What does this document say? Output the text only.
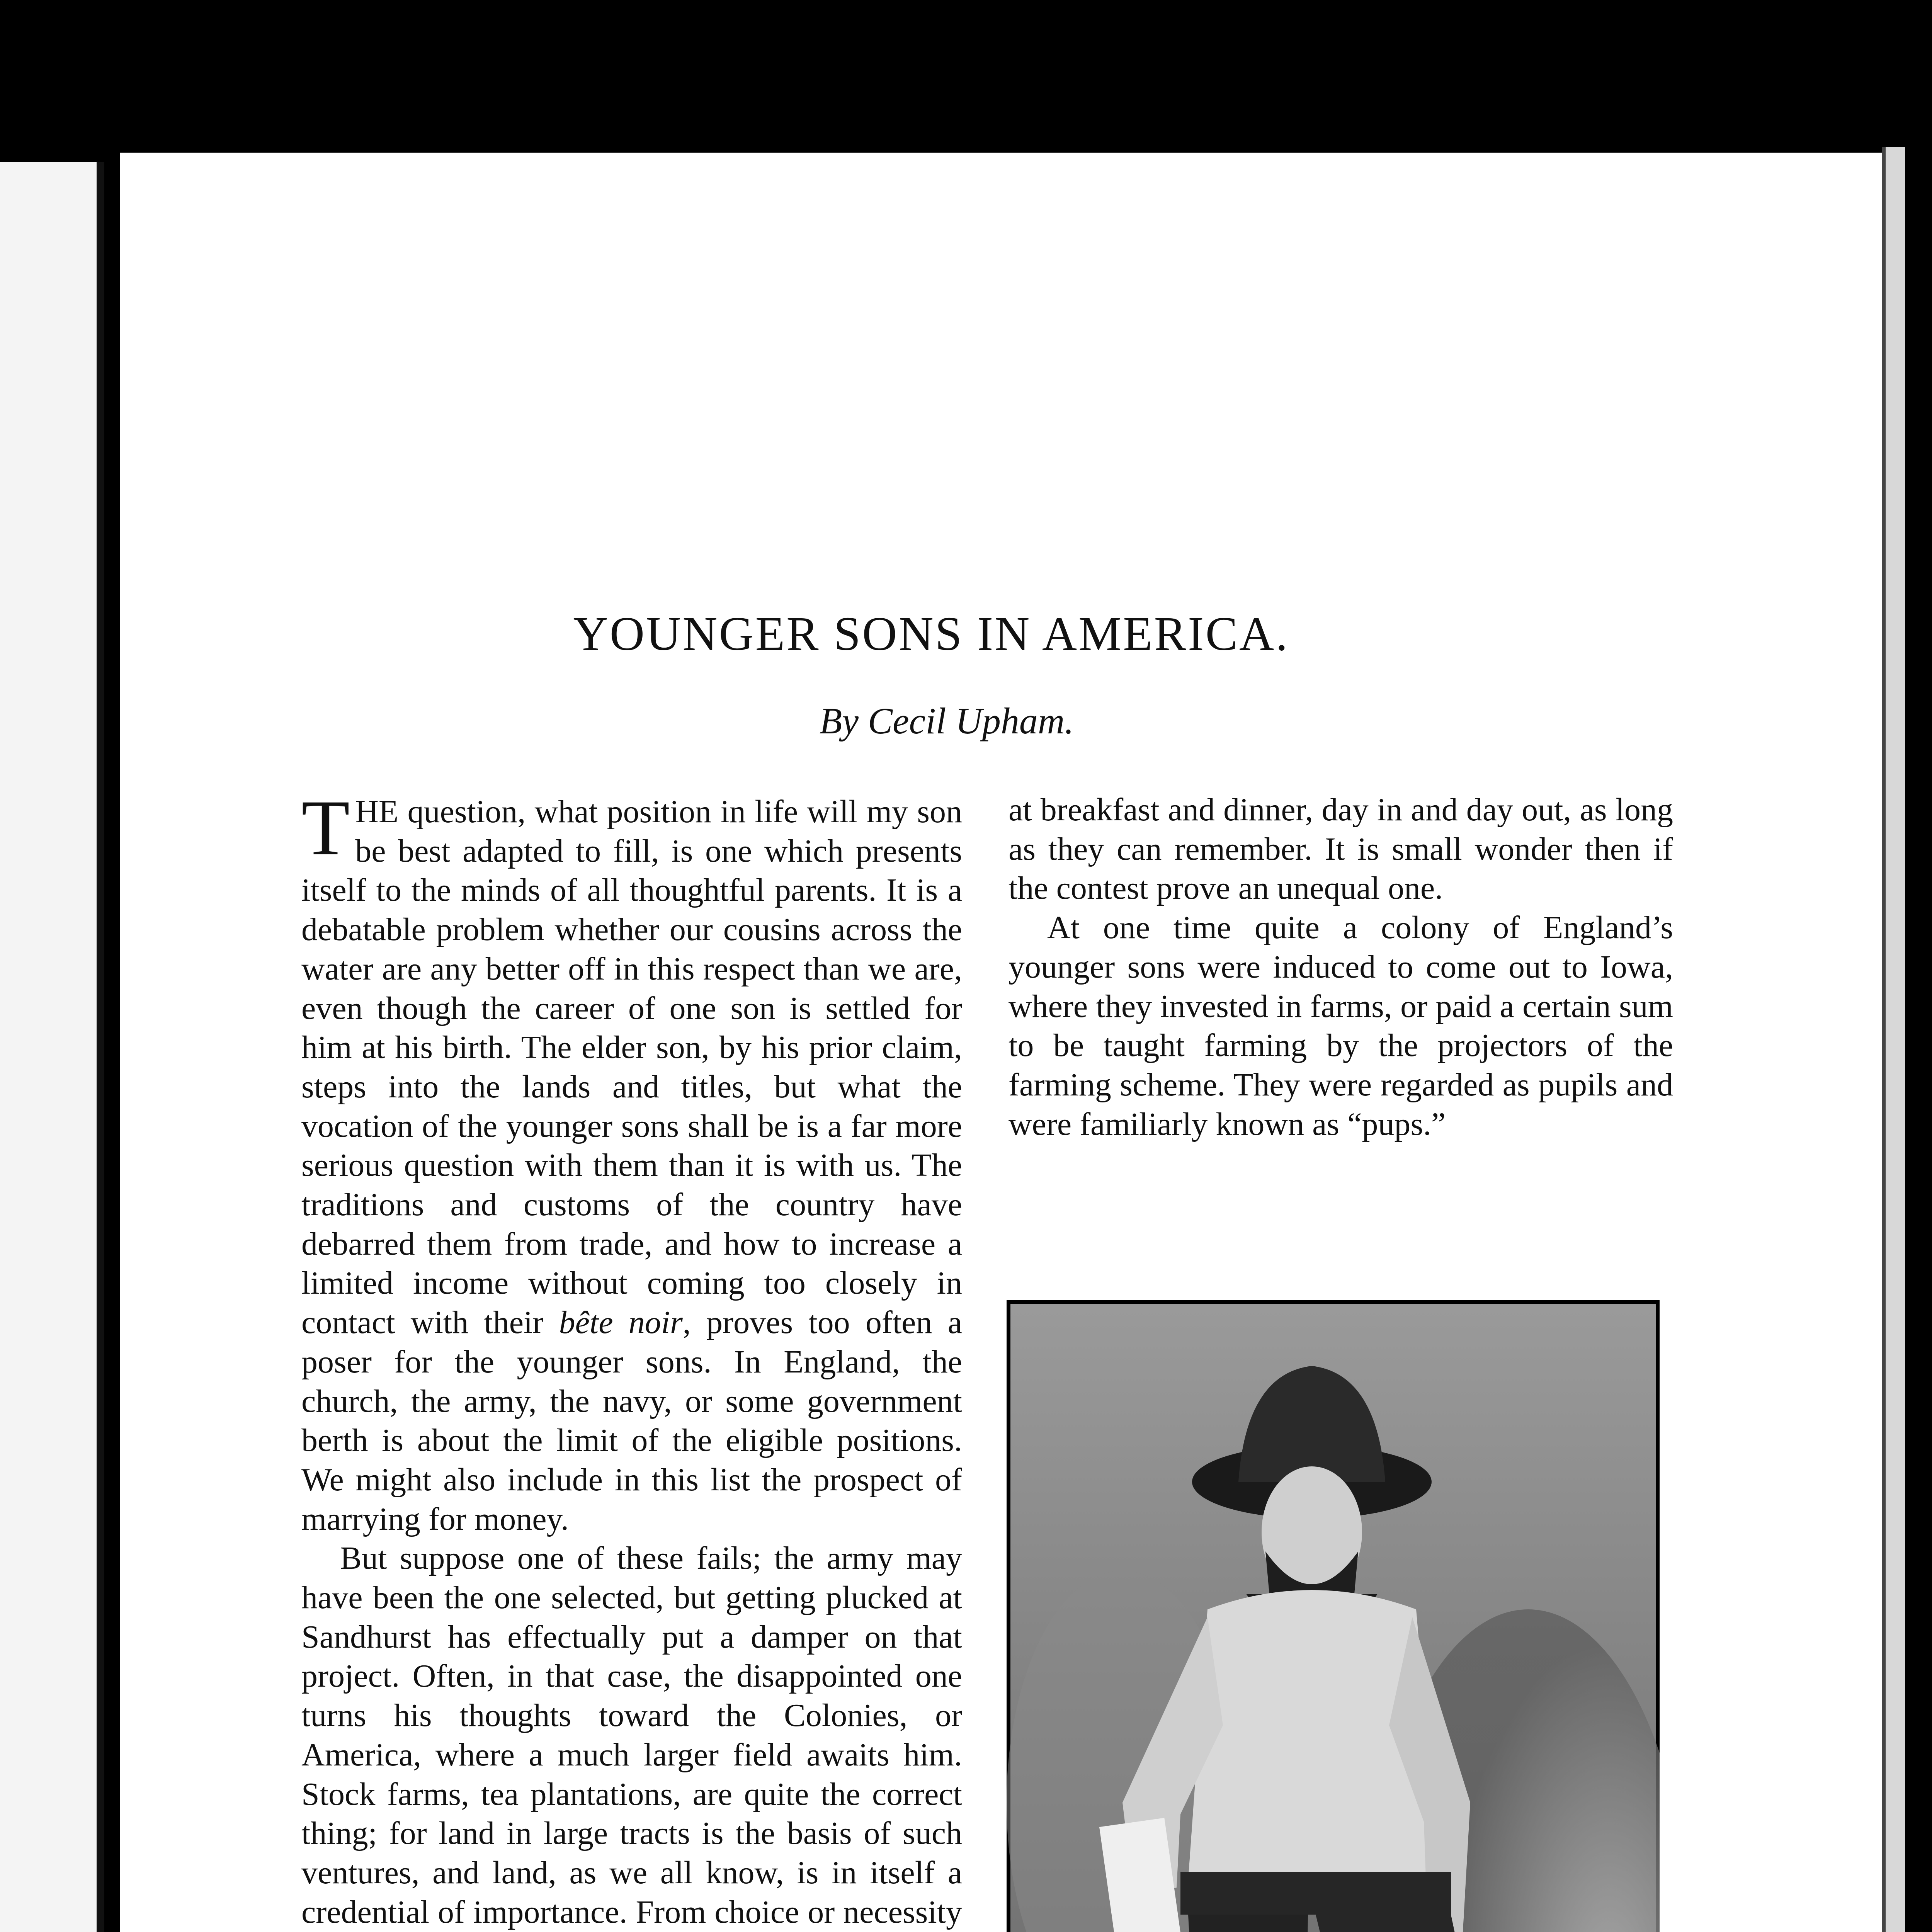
YOUNGER SONS IN AMERICA.
By Cecil Upham.

THE question, what position in life will my son be best adapted to fill, is one which presents itself to the minds of all thoughtful parents. It is a debatable problem whether our cousins across the water are any better off in this respect than we are, even though the career of one son is settled for him at his birth. The elder son, by his prior claim, steps into the lands and titles, but what the vocation of the younger sons shall be is a far more serious question with them than it is with us. The traditions and customs of the country have debarred them from trade, and how to increase a limited income without coming too closely in contact with their bête noir, proves too often a poser for the younger sons. In England, the church, the army, the navy, or some government berth is about the limit of the eligible positions. We might also include in this list the prospect of marrying for money.

But suppose one of these fails; the army may have been the one selected, but getting plucked at Sandhurst has effectually put a damper on that project. Often, in that case, the disappointed one turns his thoughts toward the Colonies, or America, where a much larger field awaits him. Stock farms, tea plantations, are quite the correct thing; for land in large tracts is the basis of such ventures, and land, as we all know, is in itself a credential of importance. From choice or necessity

at breakfast and dinner, day in and day out, as long as they can remember. It is small wonder then if the contest prove an unequal one.

At one time quite a colony of England’s younger sons were induced to come out to Iowa, where they invested in farms, or paid a certain sum to be taught farming by the projectors of the farming scheme. They were regarded as pupils and were familiarly known as “pups.”
